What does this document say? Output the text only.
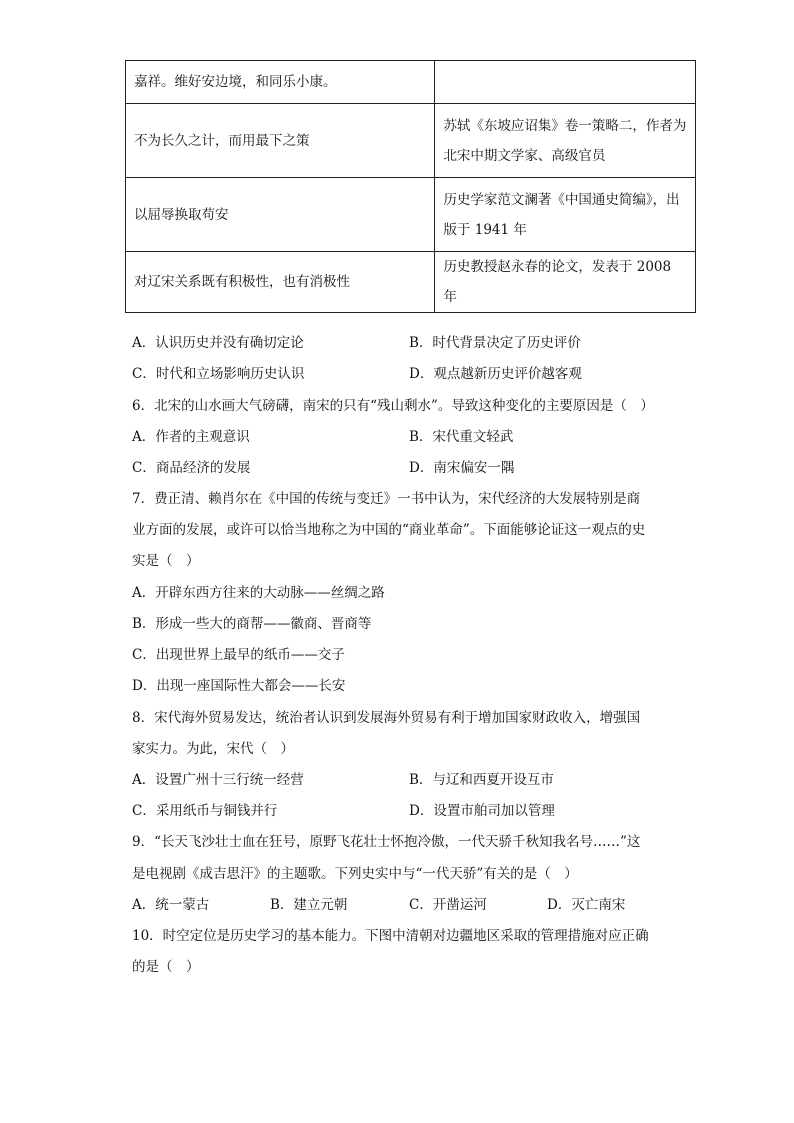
嘉祥。维好安边境，和同乐小康。	
不为长久之计，而用最下之策	苏轼《东坡应诏集》卷一策略二，作者为北宋中期文学家、高级官员
以屈辱换取苟安	历史学家范文澜著《中国通史简编》，出版于 1941 年
对辽宋关系既有积极性，也有消极性	历史教授赵永春的论文，发表于 2008 年
A．认识历史并没有确切定论	B．时代背景决定了历史评价
C．时代和立场影响历史认识	D．观点越新历史评价越客观
6．北宋的山水画大气磅礴，南宋的只有“残山剩水”。导致这种变化的主要原因是（　）
A．作者的主观意识	B．宋代重文轻武
C．商品经济的发展	D．南宋偏安一隅
7．费正清、赖肖尔在《中国的传统与变迁》一书中认为，宋代经济的大发展特别是商
业方面的发展，或许可以恰当地称之为中国的“商业革命”。下面能够论证这一观点的史
实是（　）
A．开辟东西方往来的大动脉——丝绸之路
B．形成一些大的商帮——徽商、晋商等
C．出现世界上最早的纸币——交子
D．出现一座国际性大都会——长安
8．宋代海外贸易发达，统治者认识到发展海外贸易有利于增加国家财政收入，增强国
家实力。为此，宋代（　）
A．设置广州十三行统一经营	B．与辽和西夏开设互市
C．采用纸币与铜钱并行	D．设置市舶司加以管理
9．“长天飞沙壮士血在狂号，原野飞花壮士怀抱冷傲，一代天骄千秋知我名号……”这
是电视剧《成吉思汗》的主题歌。下列史实中与“一代天骄”有关的是（　）
A．统一蒙古	B．建立元朝	C．开凿运河	D．灭亡南宋
10．时空定位是历史学习的基本能力。下图中清朝对边疆地区采取的管理措施对应正确
的是（　）
